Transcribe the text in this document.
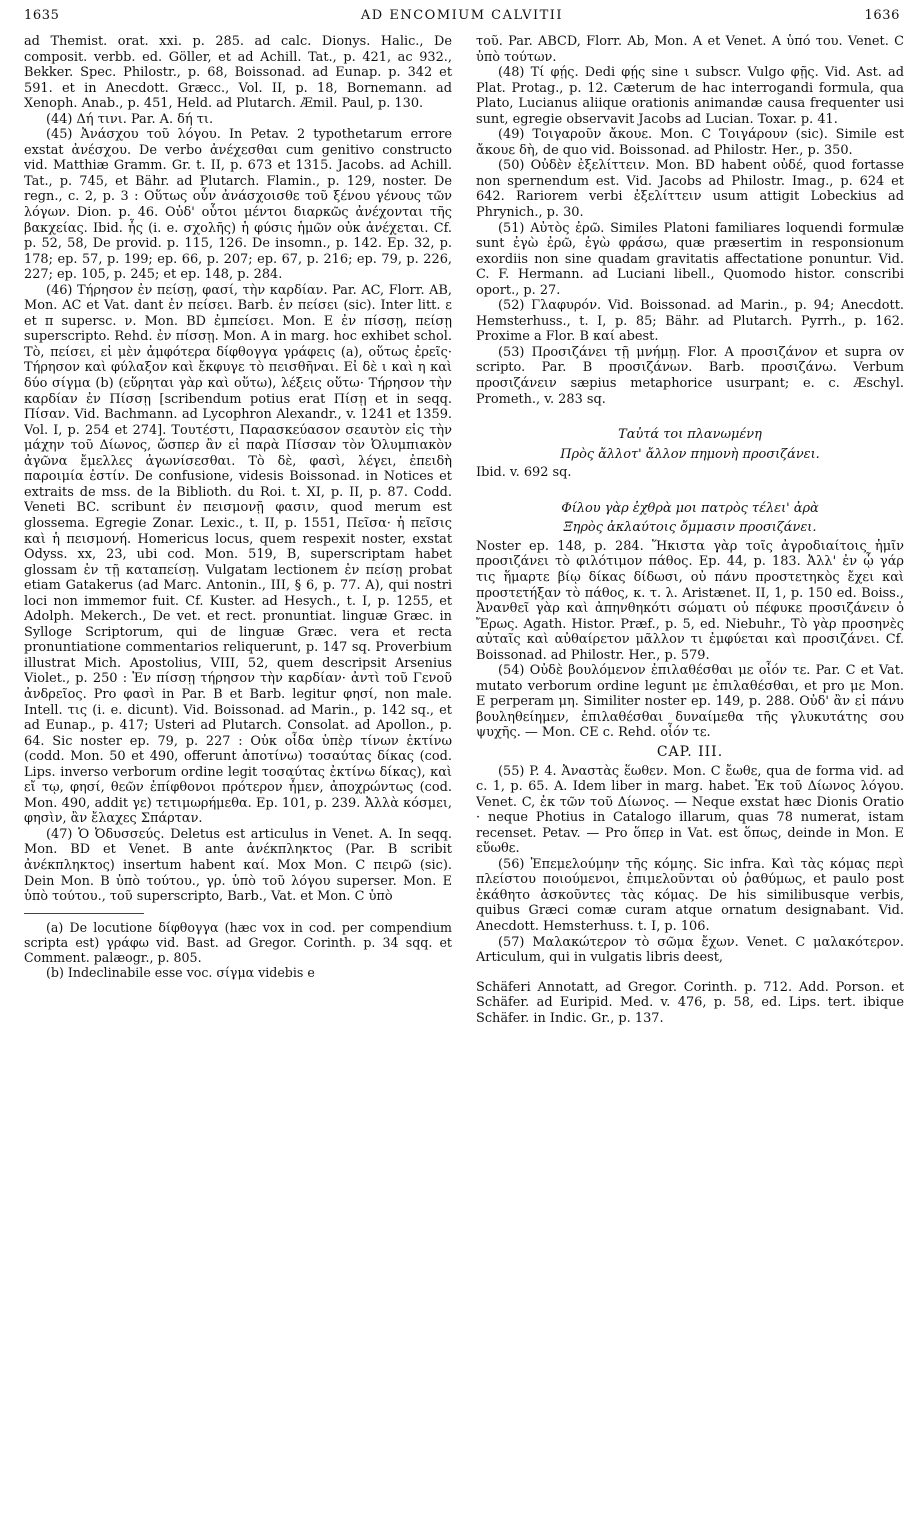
1635	AD ENCOMIUM CALVITII	1636

ad Themist. orat. xxi. p. 285. ad calc. Dionys. Halic., De composit. verbb. ed. Göller, et ad Achill. Tat., p. 421, ac 932., Bekker. Spec. Philostr., p. 68, Boissonad. ad Eunap. p. 342 et 591. et in Anecdott. Græcc., Vol. II, p. 18, Bornemann. ad Xenoph. Anab., p. 451, Held. ad Plutarch. Æmil. Paul, p. 130.

(44) Δή τινι. Par. A. δή τι.

(45) Ἀνάσχου τοῦ λόγου. In Petav. 2 typothetarum errore exstat ἀνέσχου. De verbo ἀνέχεσθαι cum genitivo constructo vid. Matthiæ Gramm. Gr. t. II, p. 673 et 1315. Jacobs. ad Achill. Tat., p. 745, et Bähr. ad Plutarch. Flamin., p. 129, noster. De regn., c. 2, p. 3 : Οὕτως οὖν ἀνάσχοισθε τοῦ ξένου γένους τῶν λόγων. Dion. p. 46. Οὐδ' οὗτοι μέντοι διαρκῶς ἀνέχονται τῆς βακχείας. Ibid. ἧς (i. e. σχολῆς) ἡ φύσις ἡμῶν οὐκ ἀνέχεται. Cf. p. 52, 58, De provid. p. 115, 126. De insomn., p. 142. Ep. 32, p. 178; ep. 57, p. 199; ep. 66, p. 207; ep. 67, p. 216; ep. 79, p. 226, 227; ep. 105, p. 245; et ep. 148, p. 284.

(46) Τήρησον ἐν πείσῃ, φασί, τὴν καρδίαν. Par. AC, Florr. AB, Mon. AC et Vat. dant ἐν πείσει. Barb. ἐν πείσει (sic). Inter litt. ε et π supersc. ν. Mon. BD ἐμπείσει. Mon. E ἐν πίσσῃ, πείσῃ superscripto. Rehd. ἐν πίσσῃ. Mon. A in marg. hoc exhibet schol. Τὸ, πείσει, εἰ μὲν ἀμφότερα δίφθογγα γράφεις (a), οὕτως ἐρεῖς· Τήρησον καὶ φύλαξον καὶ ἔκφυγε τὸ πεισθῆναι. Εἰ δὲ ι καὶ η καὶ δύο σίγμα (b) (εὕρηται γὰρ καὶ οὕτω), λέξεις οὕτω· Τήρησον τὴν καρδίαν ἐν Πίσσῃ [scribendum potius erat Πίσῃ et in seqq. Πίσαν. Vid. Bachmann. ad Lycophron Alexandr., v. 1241 et 1359. Vol. I, p. 254 et 274]. Τουτέστι, Παρασκεύασον σεαυτὸν εἰς τὴν μάχην τοῦ Δίωνος, ὥσπερ ἂν εἰ παρὰ Πίσσαν τὸν Ὀλυμπιακὸν ἀγῶνα ἔμελλες ἀγωνίσεσθαι. Τὸ δὲ, φασὶ, λέγει, ἐπειδὴ παροιμία ἐστίν. De confusione, videsis Boissonad. in Notices et extraits de mss. de la Biblioth. du Roi. t. XI, p. II, p. 87. Codd. Veneti BC. scribunt ἐν πεισμονῇ φασιν, quod merum est glossema. Egregie Zonar. Lexic., t. II, p. 1551, Πεῖσα· ἡ πεῖσις καὶ ἡ πεισμονή. Homericus locus, quem respexit noster, exstat Odyss. xx, 23, ubi cod. Mon. 519, B, superscriptam habet glossam ἐν τῇ καταπείσῃ. Vulgatam lectionem ἐν πείσῃ probat etiam Gatakerus (ad Marc. Antonin., III, § 6, p. 77. A), qui nostri loci non immemor fuit. Cf. Kuster. ad Hesych., t. I, p. 1255, et Adolph. Mekerch., De vet. et rect. pronuntiat. linguæ Græc. in Sylloge Scriptorum, qui de linguæ Græc. vera et recta pronuntiatione commentarios reliquerunt, p. 147 sq. Proverbium illustrat Mich. Apostolius, VIII, 52, quem descripsit Arsenius Violet., p. 250 : Ἐν πίσσῃ τήρησον τὴν καρδίαν· ἀντὶ τοῦ Γενοῦ ἀνδρεῖος. Pro φασὶ in Par. B et Barb. legitur φησί, non male. Intell. τις (i. e. dicunt). Vid. Boissonad. ad Marin., p. 142 sq., et ad Eunap., p. 417; Usteri ad Plutarch. Consolat. ad Apollon., p. 64. Sic noster ep. 79, p. 227 : Οὐκ οἶδα ὑπὲρ τίνων ἐκτίνω (codd. Mon. 50 et 490, offerunt ἀποτίνω) τοσαύτας δίκας (cod. Lips. inverso verborum ordine legit τοσαύτας ἐκτίνω δίκας), καὶ εἴ τῳ, φησί, θεῶν ἐπίφθονοι πρότερον ἦμεν, ἀποχρώντως (cod. Mon. 490, addit γε) τετιμωρήμεθα. Ep. 101, p. 239. Ἀλλὰ κόσμει, φησὶν, ἂν ἔλαχες Σπάρταν.

(47) Ὁ Ὀδυσσεύς. Deletus est articulus in Venet. A. In seqq. Mon. BD et Venet. B ante ἀνέκπληκτος (Par. B scribit ἀνέκπληκτος) insertum habent καί. Mox Mon. C πειρῶ (sic). Dein Mon. B ὑπὸ τούτου., γρ. ὑπὸ τοῦ λόγου superser. Mon. E ὑπὸ τούτου., τοῦ superscripto, Barb., Vat. et Mon. C ὑπὸ

(a) De locutione δίφθογγα (hæc vox in cod. per compendium scripta est) γράφω vid. Bast. ad Gregor. Corinth. p. 34 sqq. et Comment. palæogr., p. 805.

(b) Indeclinabile esse voc. σίγμα videbis e

τοῦ. Par. ABCD, Florr. Ab, Mon. A et Venet. A ὑπό του. Venet. C ὑπὸ τούτων.

(48) Τί φῄς. Dedi φῄς sine ι subscr. Vulgo φῇς. Vid. Ast. ad Plat. Protag., p. 12. Cæterum de hac interrogandi formula, qua Plato, Lucianus aliique orationis animandæ causa frequenter usi sunt, egregie observavit Jacobs ad Lucian. Toxar. p. 41.

(49) Τοιγαροῦν ἄκουε. Mon. C Τοιγάρουν (sic). Simile est ἄκουε δὴ, de quo vid. Boissonad. ad Philostr. Her., p. 350.

(50) Οὐδὲν ἐξελίττειν. Mon. BD habent οὐδέ, quod fortasse non spernendum est. Vid. Jacobs ad Philostr. Imag., p. 624 et 642. Rariorem verbi ἐξελίττειν usum attigit Lobeckius ad Phrynich., p. 30.

(51) Αὐτὸς ἐρῶ. Similes Platoni familiares loquendi formulæ sunt ἐγὼ ἐρῶ, ἐγὼ φράσω, quæ præsertim in responsionum exordiis non sine quadam gravitatis affectatione ponuntur. Vid. C. F. Hermann. ad Luciani libell., Quomodo histor. conscribi oport., p. 27.

(52) Γλαφυρόν. Vid. Boissonad. ad Marin., p. 94; Anecdott. Hemsterhuss., t. I, p. 85; Bähr. ad Plutarch. Pyrrh., p. 162. Proxime a Flor. B καί abest.

(53) Προσιζάνει τῇ μνήμῃ. Flor. A προσιζάνον et supra ov scripto. Par. B προσιζάνων. Barb. προσιζάνω. Verbum προσιζάνειν sæpius metaphorice usurpant; e. c. Æschyl. Prometh., v. 283 sq.

Ταὐτά τοι πλανωμένη

Πρὸς ἄλλοτ' ἄλλον πημονὴ προσιζάνει.

Ibid. v. 692 sq.

Φίλου γὰρ ἐχθρὰ μοι πατρὸς τέλει' ἀρὰ

Ξηρὸς ἀκλαύτοις ὄμμασιν προσιζάνει.

Noster ep. 148, p. 284. Ἥκιστα γὰρ τοῖς ἀγροδιαίτοις ἡμῖν προσιζάνει τὸ φιλότιμον πάθος. Ep. 44, p. 183. Ἀλλ' ἐν ᾧ γάρ τις ἥμαρτε βίῳ δίκας δίδωσι, οὐ πάνυ προστετηκὸς ἔχει καὶ προστετήξαν τὸ πάθος, κ. τ. λ. Aristænet. II, 1, p. 150 ed. Boiss., Ἀνανθεῖ γὰρ καὶ ἀπηνθηκότι σώματι οὐ πέφυκε προσιζάνειν ὁ Ἔρως. Agath. Histor. Præf., p. 5, ed. Niebuhr., Τὸ γὰρ προσηνὲς αὐταῖς καὶ αὐθαίρετον μᾶλλον τι ἐμφύεται καὶ προσιζάνει. Cf. Boissonad. ad Philostr. Her., p. 579.

(54) Οὐδὲ βουλόμενον ἐπιλαθέσθαι με οἷόν τε. Par. C et Vat. mutato verborum ordine legunt με ἐπιλαθέσθαι, et pro με Mon. E perperam μη. Similiter noster ep. 149, p. 288. Οὐδ' ἂν εἰ πάνυ βουληθείημεν, ἐπιλαθέσθαι δυναίμεθα τῆς γλυκυτάτης σου ψυχῆς. — Mon. CE c. Rehd. οἷόν τε.

CAP. III.

(55) P. 4. Ἀναστὰς ἕωθεν. Mon. C ἔωθε, qua de forma vid. ad c. 1, p. 65. A. Idem liber in marg. habet. Ἐκ τοῦ Δίωνος λόγου. Venet. C, ἐκ τῶν τοῦ Δίωνος. — Neque exstat hæc Dionis Oratio · neque Photius in Catalogo illarum, quas 78 numerat, istam recenset. Petav. — Pro ὅπερ in Vat. est ὅπως, deinde in Mon. E εὕωθε.

(56) Ἐπεμελούμην τῆς κόμης. Sic infra. Καὶ τὰς κόμας περὶ πλείστου ποιούμενοι, ἐπιμελοῦνται οὐ ῥαθύμως, et paulo post ἐκάθητο ἀσκοῦντες τὰς κόμας. De his similibusque verbis, quibus Græci comæ curam atque ornatum designabant. Vid. Anecdott. Hemsterhuss. t. I, p. 106.

(57) Μαλακώτερον τὸ σῶμα ἔχων. Venet. C μαλακότερον. Articulum, qui in vulgatis libris deest,

Schäferi Annotatt, ad Gregor. Corinth. p. 712. Add. Porson. et Schäfer. ad Euripid. Med. v. 476, p. 58, ed. Lips. tert. ibique Schäfer. in Indic. Gr., p. 137.
